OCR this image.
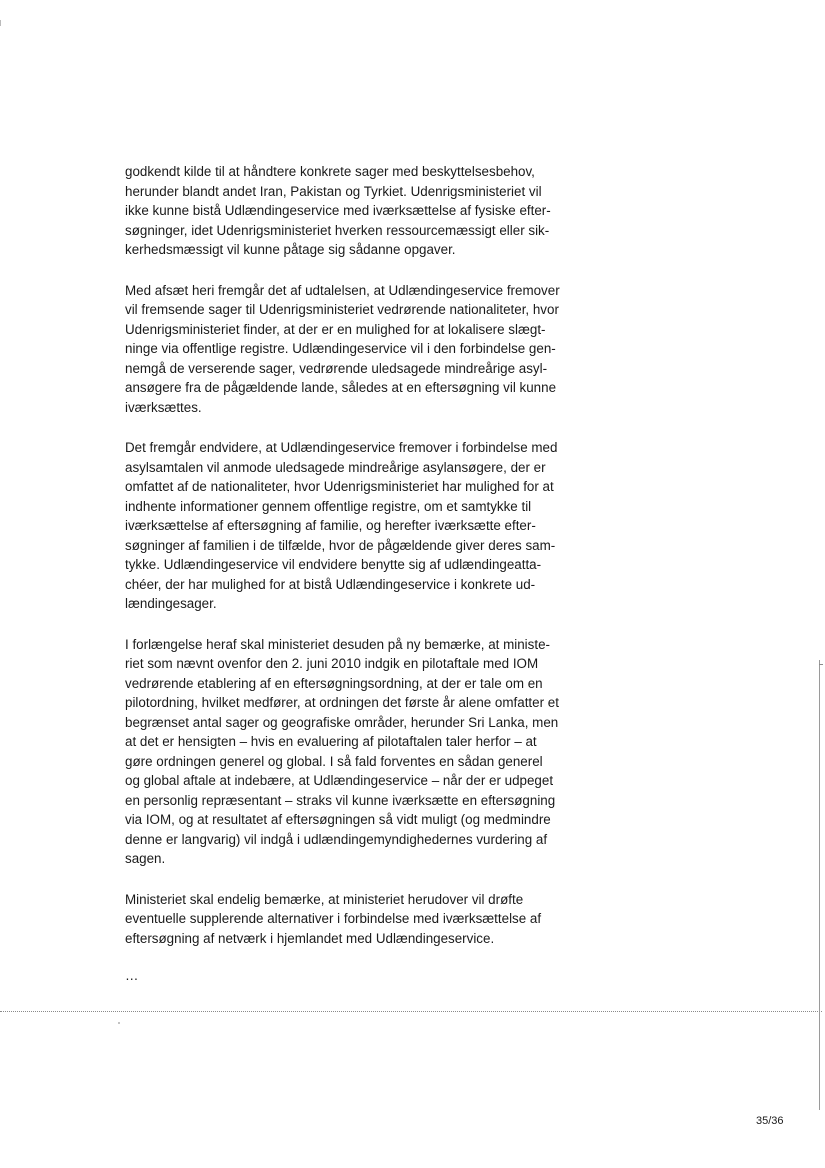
godkendt kilde til at håndtere konkrete sager med beskyttelsesbehov,
herunder blandt andet Iran, Pakistan og Tyrkiet. Udenrigsministeriet vil
ikke kunne bistå Udlændingeservice med iværksættelse af fysiske efter-
søgninger, idet Udenrigsministeriet hverken ressourcemæssigt eller sik-
kerhedsmæssigt vil kunne påtage sig sådanne opgaver.
Med afsæt heri fremgår det af udtalelsen, at Udlændingeservice fremover
vil fremsende sager til Udenrigsministeriet vedrørende nationaliteter, hvor
Udenrigsministeriet finder, at der er en mulighed for at lokalisere slægt-
ninge via offentlige registre. Udlændingeservice vil i den forbindelse gen-
nemgå de verserende sager, vedrørende uledsagede mindreårige asyl-
ansøgere fra de pågældende lande, således at en eftersøgning vil kunne
iværksættes.
Det fremgår endvidere, at Udlændingeservice fremover i forbindelse med
asylsamtalen vil anmode uledsagede mindreårige asylansøgere, der er
omfattet af de nationaliteter, hvor Udenrigsministeriet har mulighed for at
indhente informationer gennem offentlige registre, om et samtykke til
iværksættelse af eftersøgning af familie, og herefter iværksætte efter-
søgninger af familien i de tilfælde, hvor de pågældende giver deres sam-
tykke. Udlændingeservice vil endvidere benytte sig af udlændingeatta-
chéer, der har mulighed for at bistå Udlændingeservice i konkrete ud-
lændingesager.
I forlængelse heraf skal ministeriet desuden på ny bemærke, at ministe-
riet som nævnt ovenfor den 2. juni 2010 indgik en pilotaftale med IOM
vedrørende etablering af en eftersøgningsordning, at der er tale om en
pilotordning, hvilket medfører, at ordningen det første år alene omfatter et
begrænset antal sager og geografiske områder, herunder Sri Lanka, men
at det er hensigten – hvis en evaluering af pilotaftalen taler herfor – at
gøre ordningen generel og global. I så fald forventes en sådan generel
og global aftale at indebære, at Udlændingeservice – når der er udpeget
en personlig repræsentant – straks vil kunne iværksætte en eftersøgning
via IOM, og at resultatet af eftersøgningen så vidt muligt (og medmindre
denne er langvarig) vil indgå i udlændingemyndighedernes vurdering af
sagen.
Ministeriet skal endelig bemærke, at ministeriet herudover vil drøfte
eventuelle supplerende alternativer i forbindelse med iværksættelse af
eftersøgning af netværk i hjemlandet med Udlændingeservice.
…
35/36
